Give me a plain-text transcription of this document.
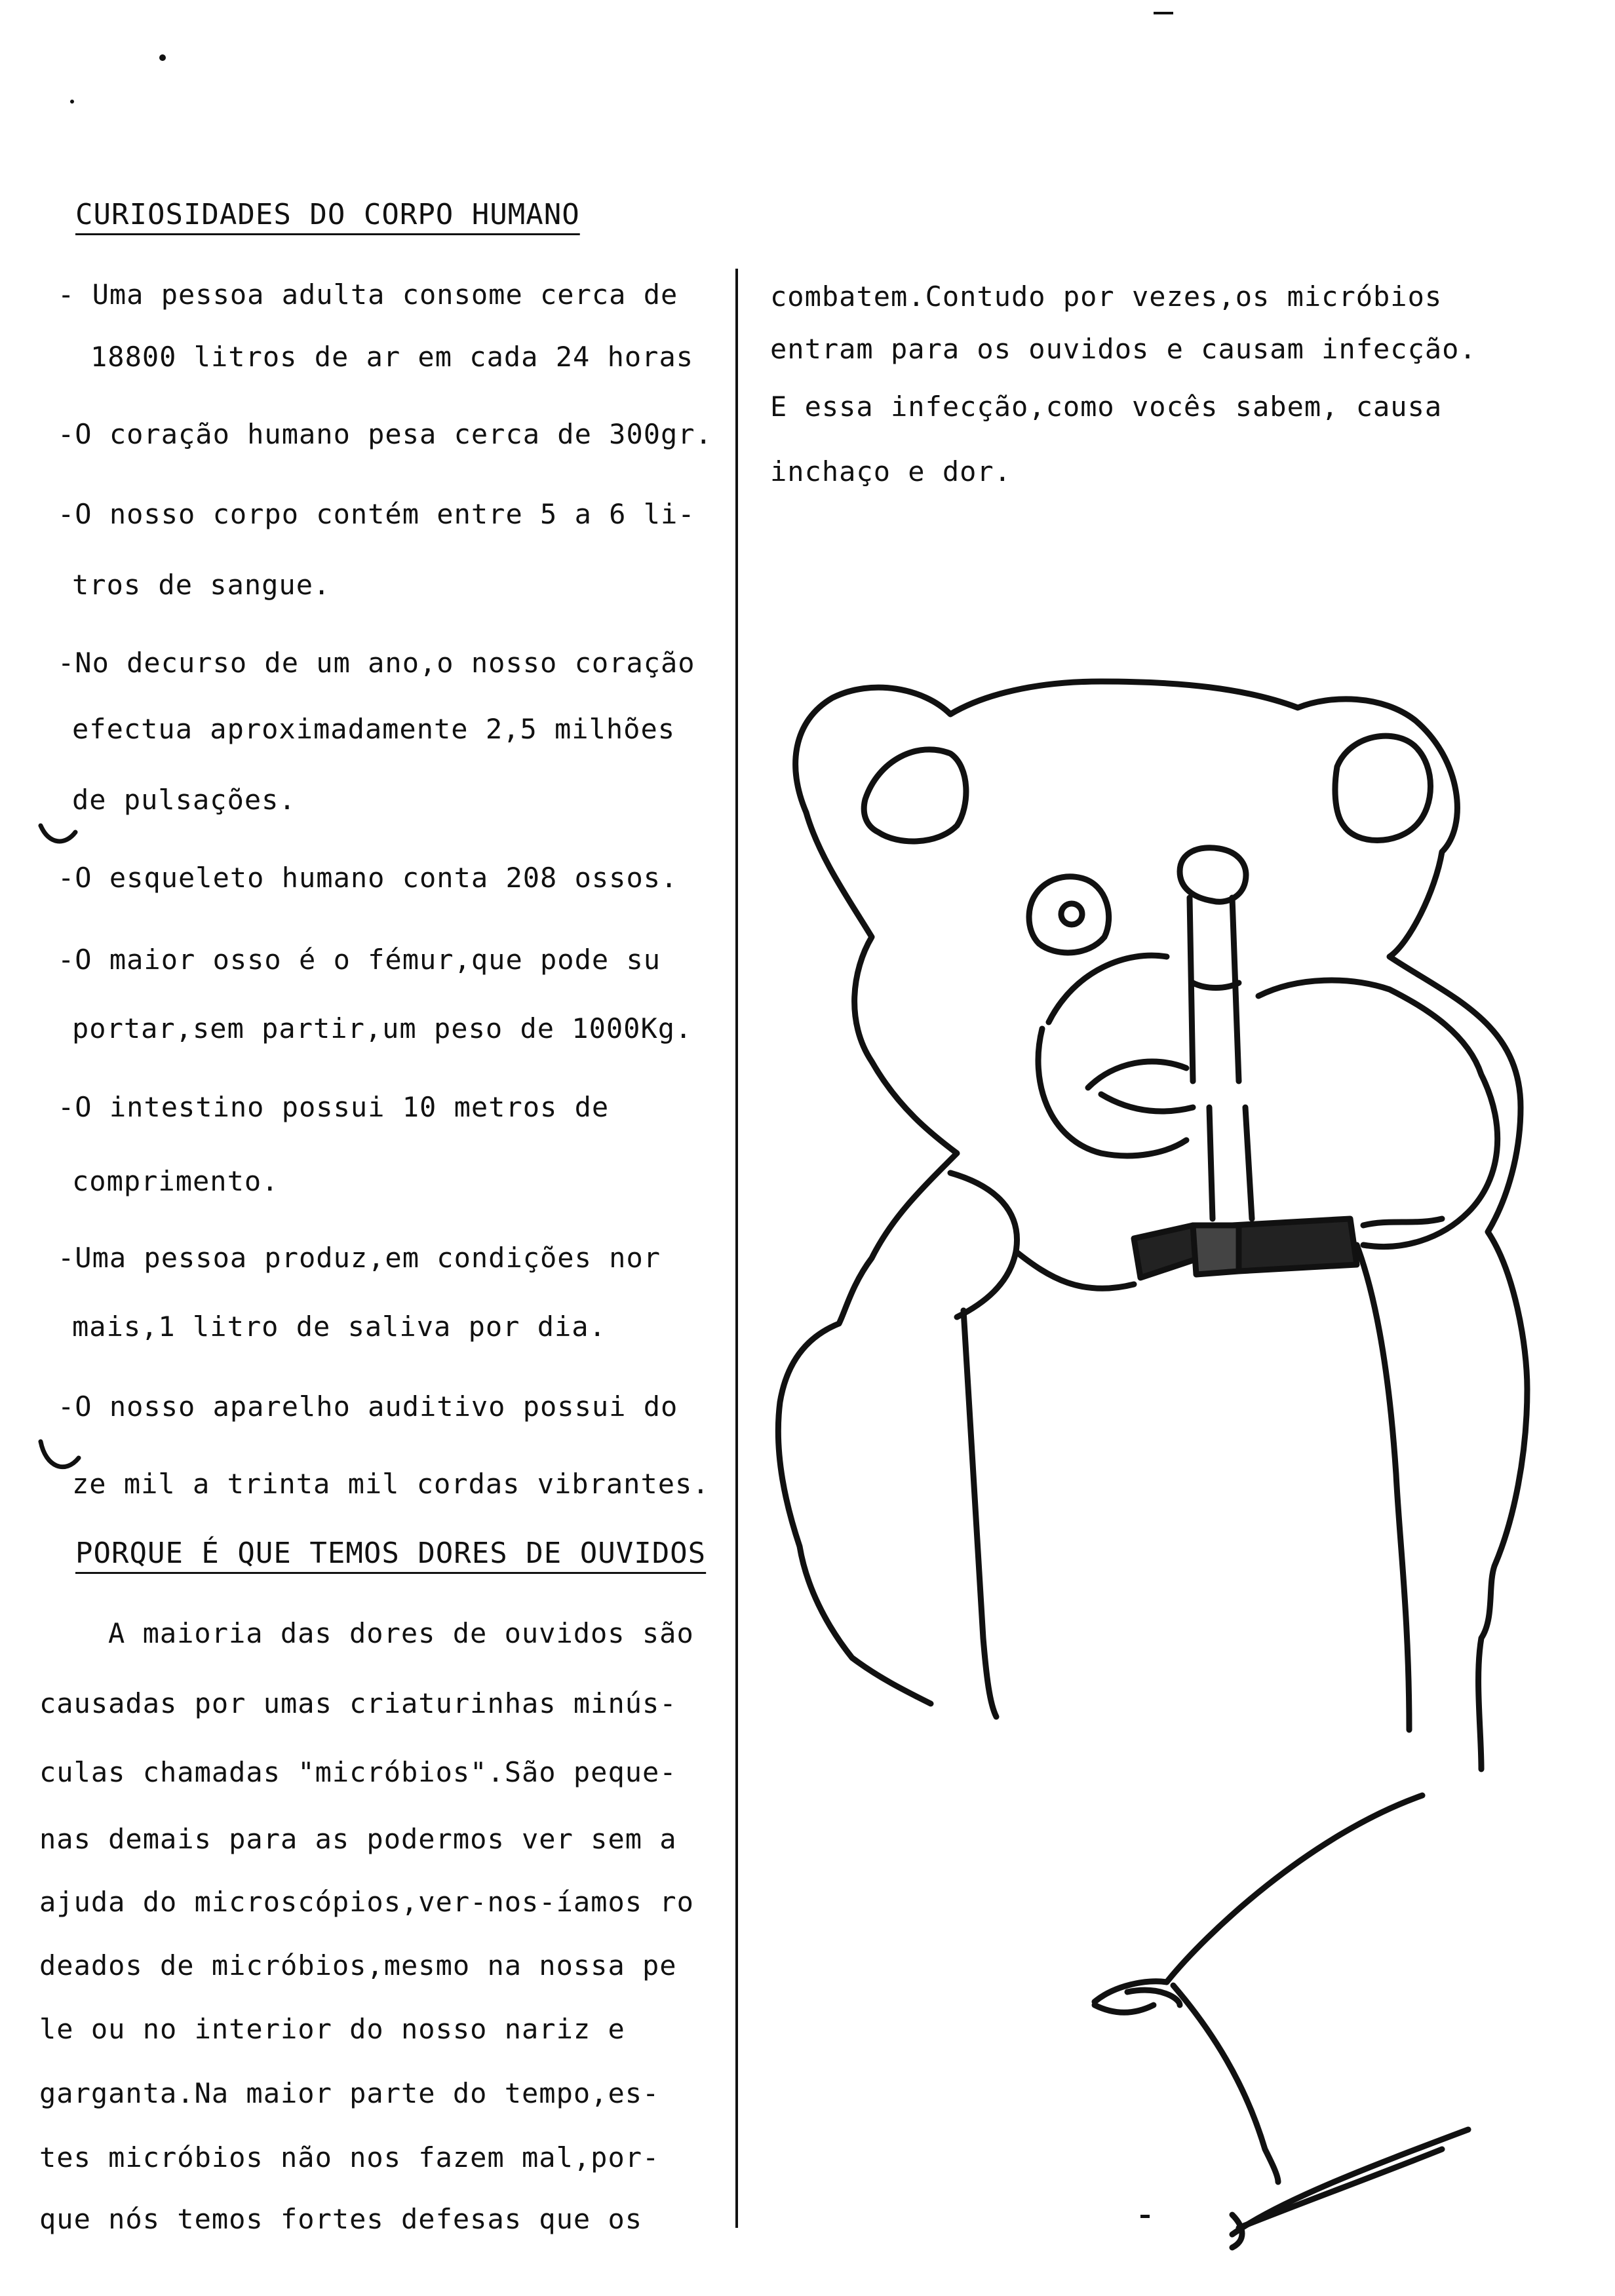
CURIOSIDADES DO CORPO HUMANO
- Uma pessoa adulta consome cerca de
18800 litros de ar em cada 24 horas
-O coração humano pesa cerca de 300gr.
-O nosso corpo contém entre 5 a 6 li-
tros de sangue.
-No decurso de um ano,o nosso coração
efectua aproximadamente 2,5 milhões
de pulsações.
-O esqueleto humano conta 208 ossos.
-O maior osso é o fémur,que pode su
portar,sem partir,um peso de 1000Kg.
-O intestino possui 10 metros de
comprimento.
-Uma pessoa produz,em condições nor
mais,1 litro de saliva por dia.
-O nosso aparelho auditivo possui do
ze mil a trinta mil cordas vibrantes.
PORQUE É QUE TEMOS DORES DE OUVIDOS
A maioria das dores de ouvidos são
causadas por umas criaturinhas minús-
culas chamadas "micróbios".São peque-
nas demais para as podermos ver sem a
ajuda do microscópios,ver-nos-íamos ro
deados de micróbios,mesmo na nossa pe
le ou no interior do nosso nariz e
garganta.Na maior parte do tempo,es-
tes micróbios não nos fazem mal,por-
que nós temos fortes defesas que os
combatem.Contudo por vezes,os micróbios
entram para os ouvidos e causam infecção.
E essa infecção,como vocês sabem, causa
inchaço e dor.
